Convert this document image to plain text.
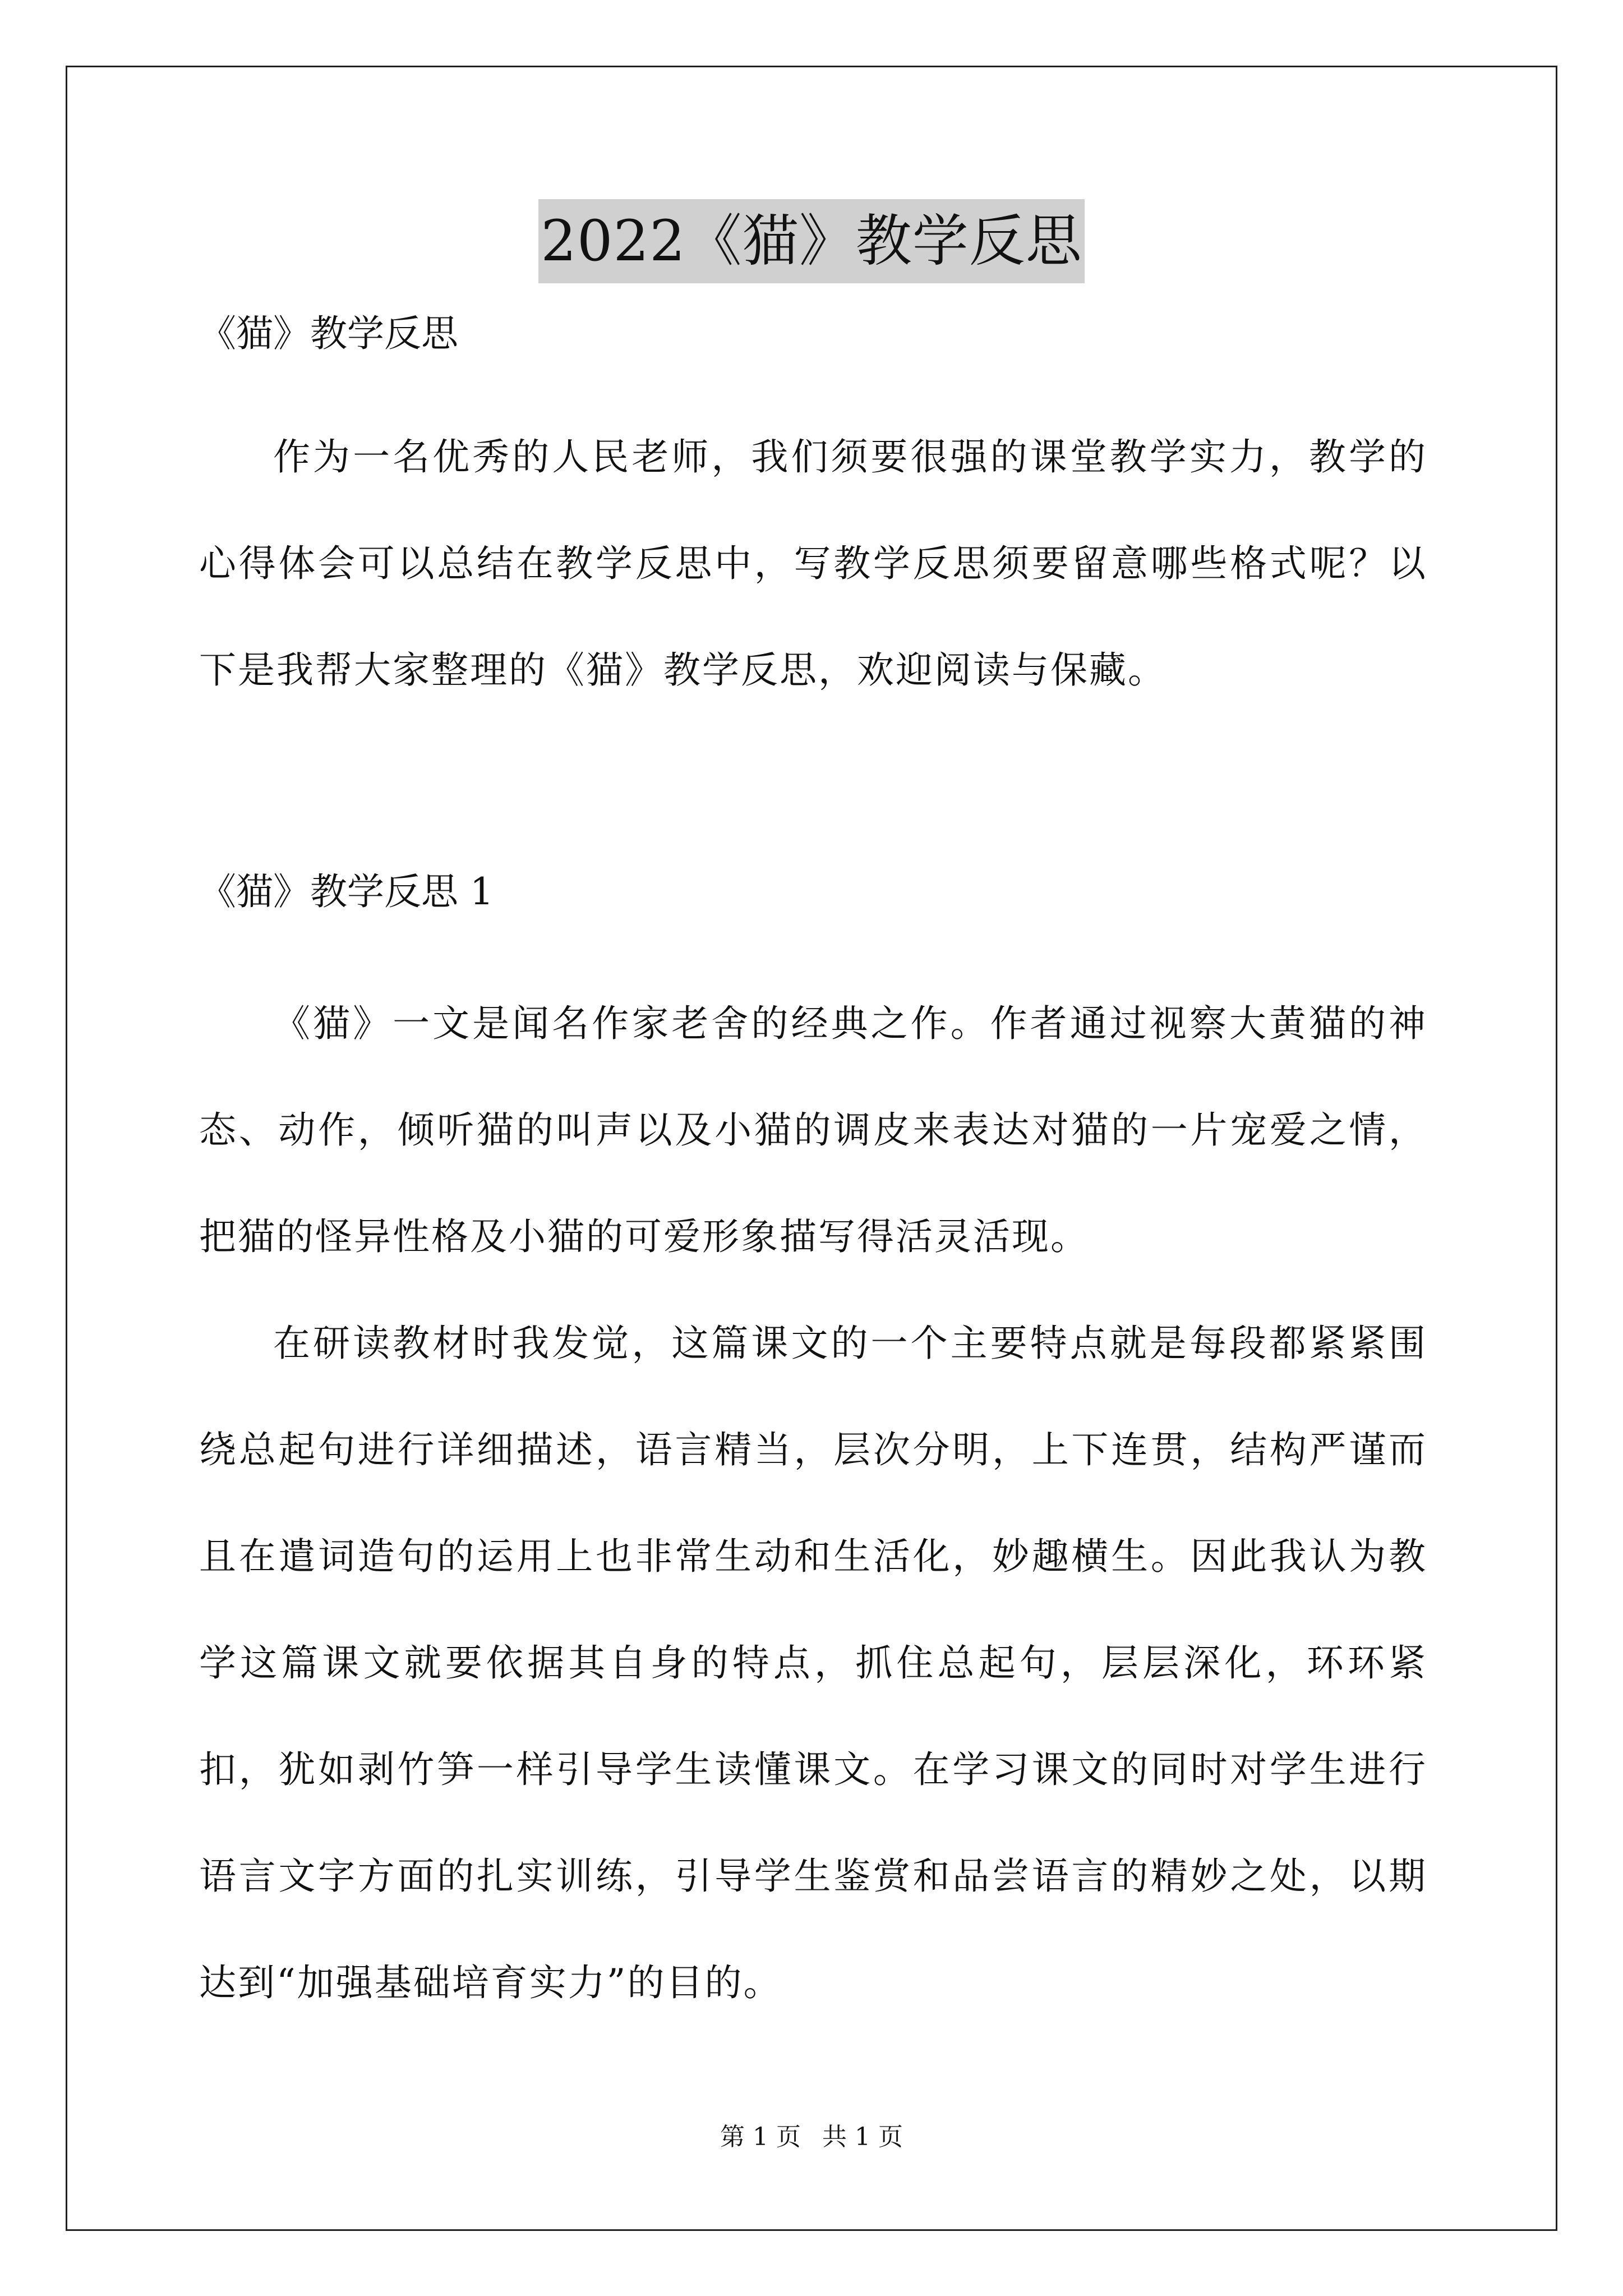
2022《猫》教学反思

《猫》教学反思

作为一名优秀的人民老师，我们须要很强的课堂教学实力，教学的心得体会可以总结在教学反思中，写教学反思须要留意哪些格式呢？以下是我帮大家整理的《猫》教学反思，欢迎阅读与保藏。

《猫》教学反思 1

《猫》一文是闻名作家老舍的经典之作。作者通过视察大黄猫的神态、动作，倾听猫的叫声以及小猫的调皮来表达对猫的一片宠爱之情，把猫的怪异性格及小猫的可爱形象描写得活灵活现。

在研读教材时我发觉，这篇课文的一个主要特点就是每段都紧紧围绕总起句进行详细描述，语言精当，层次分明，上下连贯，结构严谨而且在遣词造句的运用上也非常生动和生活化，妙趣横生。因此我认为教学这篇课文就要依据其自身的特点，抓住总起句，层层深化，环环紧扣，犹如剥竹笋一样引导学生读懂课文。在学习课文的同时对学生进行语言文字方面的扎实训练，引导学生鉴赏和品尝语言的精妙之处，以期达到“加强基础培育实力”的目的。

第 1 页 共 1 页
